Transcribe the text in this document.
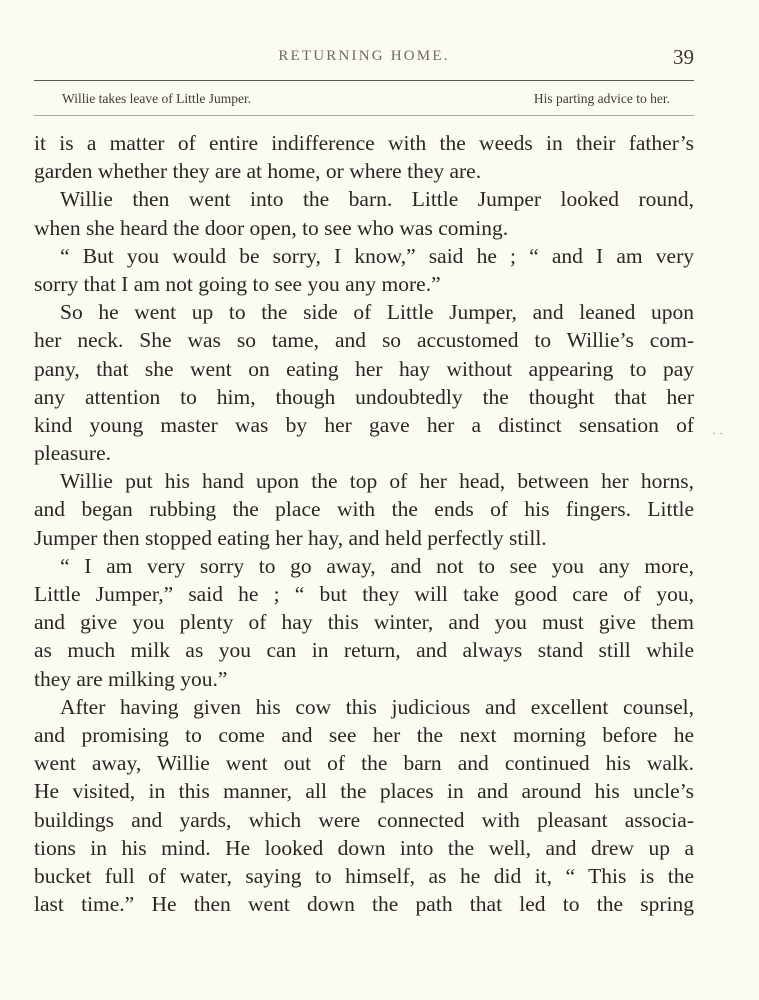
RETURNING HOME.	39
Willie takes leave of Little Jumper.	His parting advice to her.
it is a matter of entire indifference with the weeds in their father’s
garden whether they are at home, or where they are.
Willie then went into the barn. Little Jumper looked round,
when she heard the door open, to see who was coming.
“ But you would be sorry, I know,” said he ; “ and I am very
sorry that I am not going to see you any more.”
So he went up to the side of Little Jumper, and leaned upon
her neck. She was so tame, and so accustomed to Willie’s com-
pany, that she went on eating her hay without appearing to pay
any attention to him, though undoubtedly the thought that her
kind young master was by her gave her a distinct sensation of
pleasure.
Willie put his hand upon the top of her head, between her horns,
and began rubbing the place with the ends of his fingers. Little
Jumper then stopped eating her hay, and held perfectly still.
“ I am very sorry to go away, and not to see you any more,
Little Jumper,” said he ; “ but they will take good care of you,
and give you plenty of hay this winter, and you must give them
as much milk as you can in return, and always stand still while
they are milking you.”
After having given his cow this judicious and excellent counsel,
and promising to come and see her the next morning before he
went away, Willie went out of the barn and continued his walk.
He visited, in this manner, all the places in and around his uncle’s
buildings and yards, which were connected with pleasant associa-
tions in his mind. He looked down into the well, and drew up a
bucket full of water, saying to himself, as he did it, “ This is the
last time.” He then went down the path that led to the spring
· ·
